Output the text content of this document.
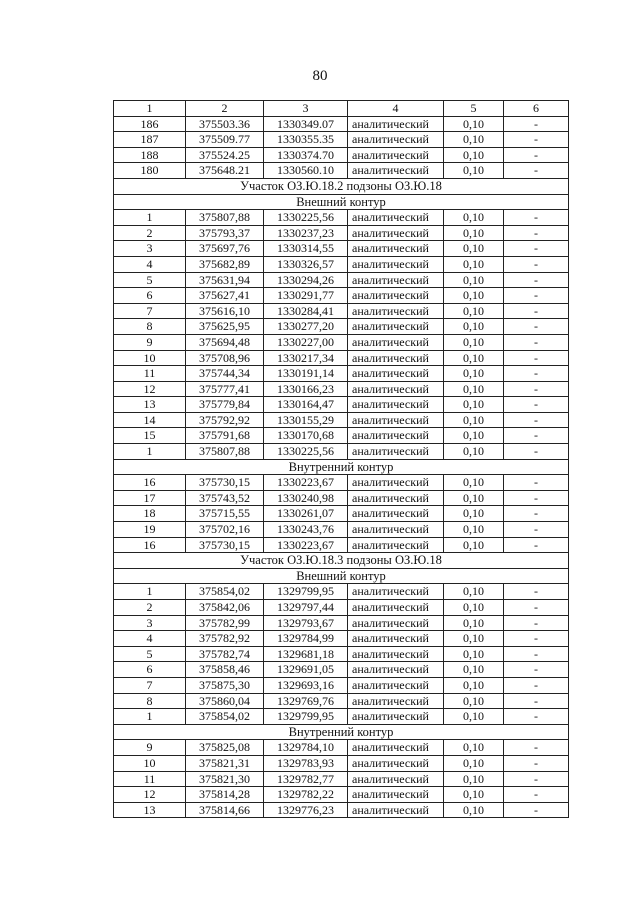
80
1	2	3	4	5	6
186	375503.36	1330349.07	аналитический	0,10	-
187	375509.77	1330355.35	аналитический	0,10	-
188	375524.25	1330374.70	аналитический	0,10	-
180	375648.21	1330560.10	аналитический	0,10	-
Участок ОЗ.Ю.18.2 подзоны ОЗ.Ю.18					
Внешний контур					
1	375807,88	1330225,56	аналитический	0,10	-
2	375793,37	1330237,23	аналитический	0,10	-
3	375697,76	1330314,55	аналитический	0,10	-
4	375682,89	1330326,57	аналитический	0,10	-
5	375631,94	1330294,26	аналитический	0,10	-
6	375627,41	1330291,77	аналитический	0,10	-
7	375616,10	1330284,41	аналитический	0,10	-
8	375625,95	1330277,20	аналитический	0,10	-
9	375694,48	1330227,00	аналитический	0,10	-
10	375708,96	1330217,34	аналитический	0,10	-
11	375744,34	1330191,14	аналитический	0,10	-
12	375777,41	1330166,23	аналитический	0,10	-
13	375779,84	1330164,47	аналитический	0,10	-
14	375792,92	1330155,29	аналитический	0,10	-
15	375791,68	1330170,68	аналитический	0,10	-
1	375807,88	1330225,56	аналитический	0,10	-
Внутренний контур					
16	375730,15	1330223,67	аналитический	0,10	-
17	375743,52	1330240,98	аналитический	0,10	-
18	375715,55	1330261,07	аналитический	0,10	-
19	375702,16	1330243,76	аналитический	0,10	-
16	375730,15	1330223,67	аналитический	0,10	-
Участок ОЗ.Ю.18.3 подзоны ОЗ.Ю.18					
Внешний контур					
1	375854,02	1329799,95	аналитический	0,10	-
2	375842,06	1329797,44	аналитический	0,10	-
3	375782,99	1329793,67	аналитический	0,10	-
4	375782,92	1329784,99	аналитический	0,10	-
5	375782,74	1329681,18	аналитический	0,10	-
6	375858,46	1329691,05	аналитический	0,10	-
7	375875,30	1329693,16	аналитический	0,10	-
8	375860,04	1329769,76	аналитический	0,10	-
1	375854,02	1329799,95	аналитический	0,10	-
Внутренний контур					
9	375825,08	1329784,10	аналитический	0,10	-
10	375821,31	1329783,93	аналитический	0,10	-
11	375821,30	1329782,77	аналитический	0,10	-
12	375814,28	1329782,22	аналитический	0,10	-
13	375814,66	1329776,23	аналитический	0,10	-
